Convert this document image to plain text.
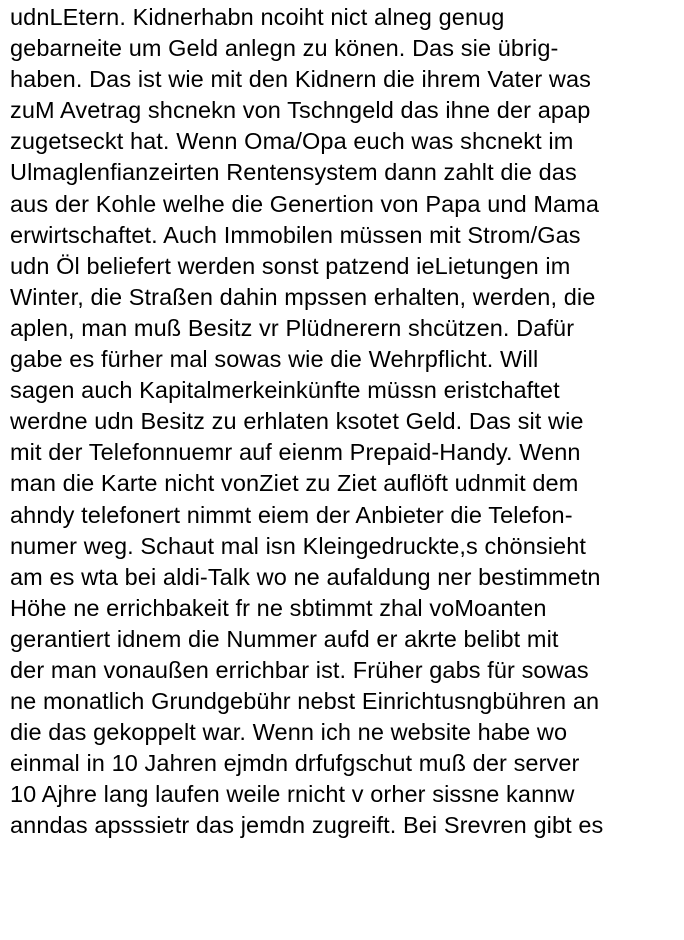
udnLEtern. Kidnerhabn ncoiht nict alneg genug
gebarneite um Geld anlegn zu könen. Das sie übrig-
haben. Das ist wie mit den Kidnern die ihrem Vater was
zuM Avetrag shcnekn von Tschngeld das ihne der apap
zugetseckt hat. Wenn Oma/Opa euch was shcnekt im
Ulmaglenfianzeirten Rentensystem dann zahlt die das
aus der Kohle welhe die Genertion von Papa und Mama
erwirtschaftet. Auch Immobilen müssen mit Strom/Gas
udn Öl beliefert werden sonst patzend ieLietungen im
Winter, die Straßen dahin mpssen erhalten, werden, die
aplen, man muß Besitz vr Plüdnerern shcützen. Dafür
gabe es fürher mal sowas wie die Wehrpflicht. Will
sagen auch Kapitalmerkeinkünfte müssn eristchaftet
werdne udn Besitz zu erhlaten ksotet Geld. Das sit wie
mit der Telefonnuemr auf eienm Prepaid-Handy. Wenn
man die Karte nicht vonZiet zu Ziet auflöft udnmit dem
ahndy telefonert nimmt eiem der Anbieter die Telefon-
numer weg. Schaut mal isn Kleingedruckte,s chönsieht
am es wta bei aldi-Talk wo ne aufaldung ner bestimmetn
Höhe ne errichbakeit fr ne sbtimmt zhal voMoanten
gerantiert idnem die Nummer aufd er akrte belibt mit
der man vonaußen errichbar ist. Früher gabs für sowas
ne monatlich Grundgebühr nebst Einrichtusngbühren an
die das gekoppelt war. Wenn ich ne website habe wo
einmal in 10 Jahren ejmdn drfufgschut muß der server
10 Ajhre lang laufen weile rnicht v orher sissne kannw
anndas apsssietr das jemdn zugreift. Bei Srevren gibt es
